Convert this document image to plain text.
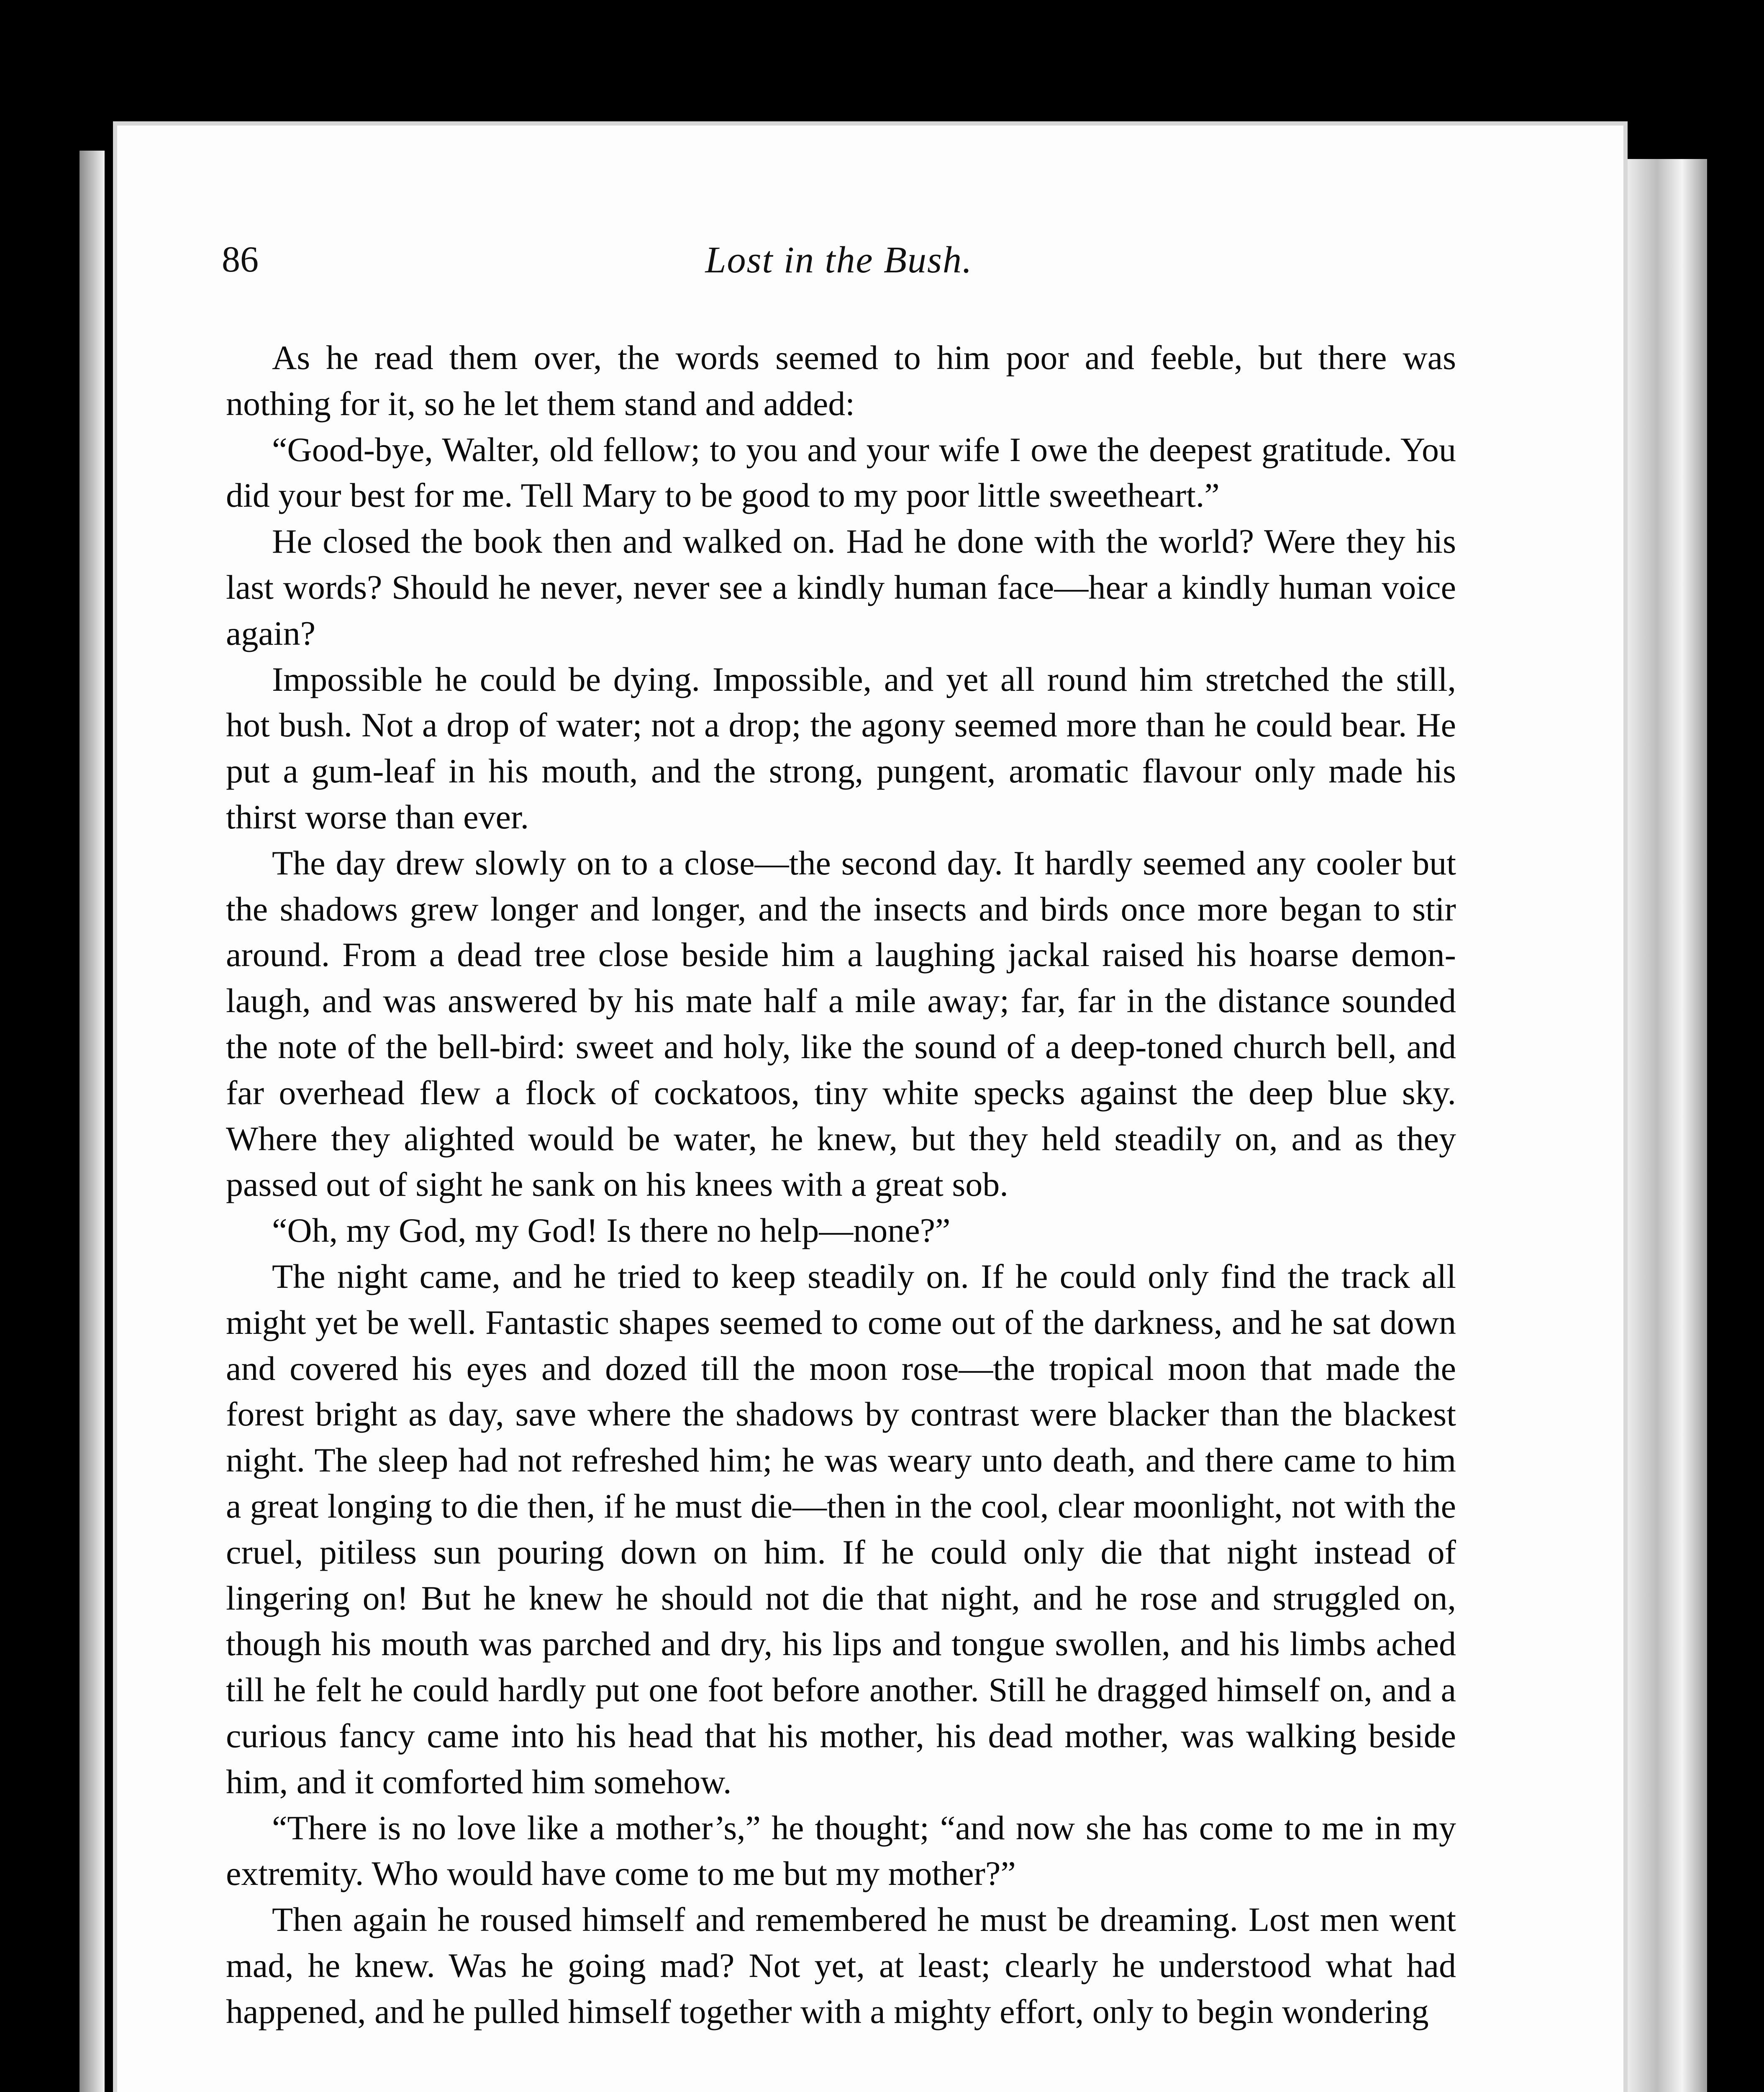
86	Lost in the Bush.

As he read them over, the words seemed to him poor and feeble, but there was nothing for it, so he let them stand and added:

“Good-bye, Walter, old fellow; to you and your wife I owe the deepest gratitude. You did your best for me. Tell Mary to be good to my poor little sweetheart.”

He closed the book then and walked on. Had he done with the world? Were they his last words? Should he never, never see a kindly human face—hear a kindly human voice again?

Impossible he could be dying. Impossible, and yet all round him stretched the still, hot bush. Not a drop of water; not a drop; the agony seemed more than he could bear. He put a gum-leaf in his mouth, and the strong, pungent, aromatic flavour only made his thirst worse than ever.

The day drew slowly on to a close—the second day. It hardly seemed any cooler but the shadows grew longer and longer, and the insects and birds once more began to stir around. From a dead tree close beside him a laughing jackal raised his hoarse demon-laugh, and was answered by his mate half a mile away; far, far in the distance sounded the note of the bell-bird: sweet and holy, like the sound of a deep-toned church bell, and far overhead flew a flock of cockatoos, tiny white specks against the deep blue sky. Where they alighted would be water, he knew, but they held steadily on, and as they passed out of sight he sank on his knees with a great sob.

“Oh, my God, my God! Is there no help—none?”

The night came, and he tried to keep steadily on. If he could only find the track all might yet be well. Fantastic shapes seemed to come out of the darkness, and he sat down and covered his eyes and dozed till the moon rose—the tropical moon that made the forest bright as day, save where the shadows by contrast were blacker than the blackest night. The sleep had not refreshed him; he was weary unto death, and there came to him a great longing to die then, if he must die—then in the cool, clear moonlight, not with the cruel, pitiless sun pouring down on him. If he could only die that night instead of lingering on! But he knew he should not die that night, and he rose and struggled on, though his mouth was parched and dry, his lips and tongue swollen, and his limbs ached till he felt he could hardly put one foot before another. Still he dragged himself on, and a curious fancy came into his head that his mother, his dead mother, was walking beside him, and it comforted him somehow.

“There is no love like a mother’s,” he thought; “and now she has come to me in my extremity. Who would have come to me but my mother?”

Then again he roused himself and remembered he must be dreaming. Lost men went mad, he knew. Was he going mad? Not yet, at least; clearly he understood what had happened, and he pulled himself together with a mighty effort, only to begin wondering
